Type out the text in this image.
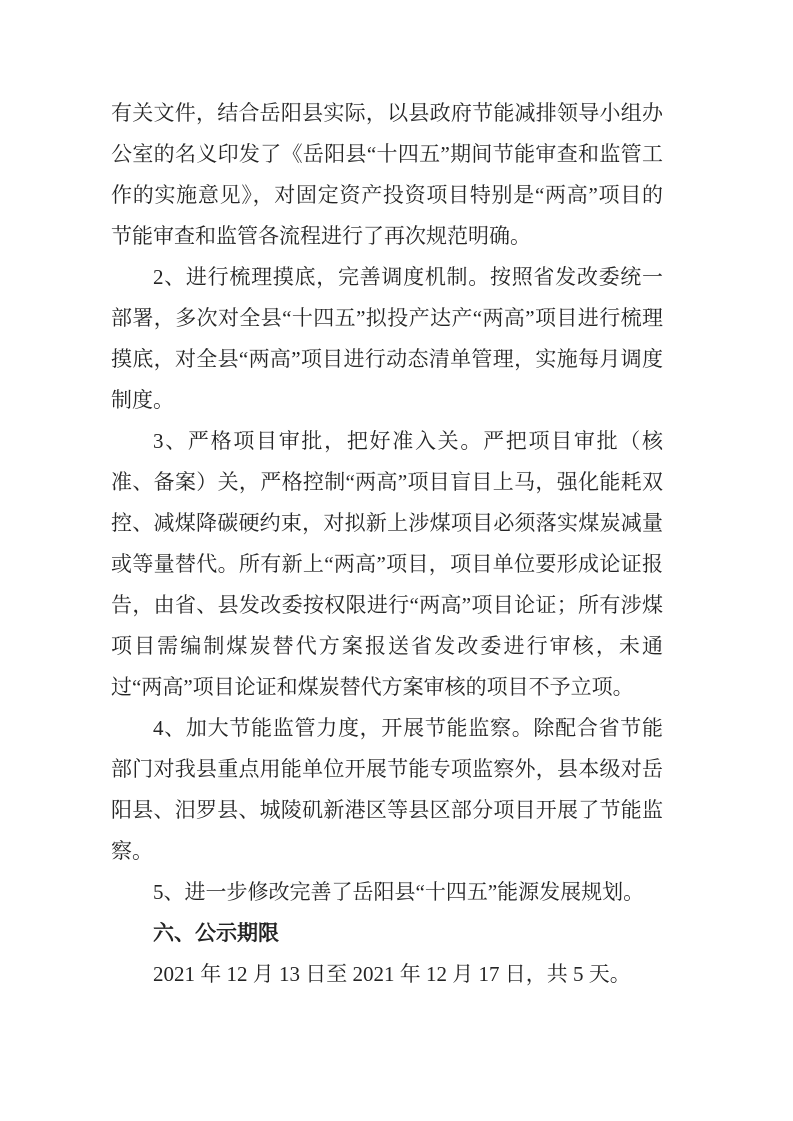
有关文件，结合岳阳县实际，以县政府节能减排领导小组办公室的名义印发了《岳阳县“十四五”期间节能审查和监管工作的实施意见》，对固定资产投资项目特别是“两高”项目的节能审查和监管各流程进行了再次规范明确。

2、进行梳理摸底，完善调度机制。按照省发改委统一部署，多次对全县“十四五”拟投产达产“两高”项目进行梳理摸底，对全县“两高”项目进行动态清单管理，实施每月调度制度。

3、严格项目审批，把好准入关。严把项目审批（核准、备案）关，严格控制“两高”项目盲目上马，强化能耗双控、减煤降碳硬约束，对拟新上涉煤项目必须落实煤炭减量或等量替代。所有新上“两高”项目，项目单位要形成论证报告，由省、县发改委按权限进行“两高”项目论证；所有涉煤项目需编制煤炭替代方案报送省发改委进行审核，未通过“两高”项目论证和煤炭替代方案审核的项目不予立项。

4、加大节能监管力度，开展节能监察。除配合省节能部门对我县重点用能单位开展节能专项监察外，县本级对岳阳县、汨罗县、城陵矶新港区等县区部分项目开展了节能监察。

5、进一步修改完善了岳阳县“十四五”能源发展规划。

六、公示期限

2021 年 12 月 13 日至 2021 年 12 月 17 日，共 5 天。
